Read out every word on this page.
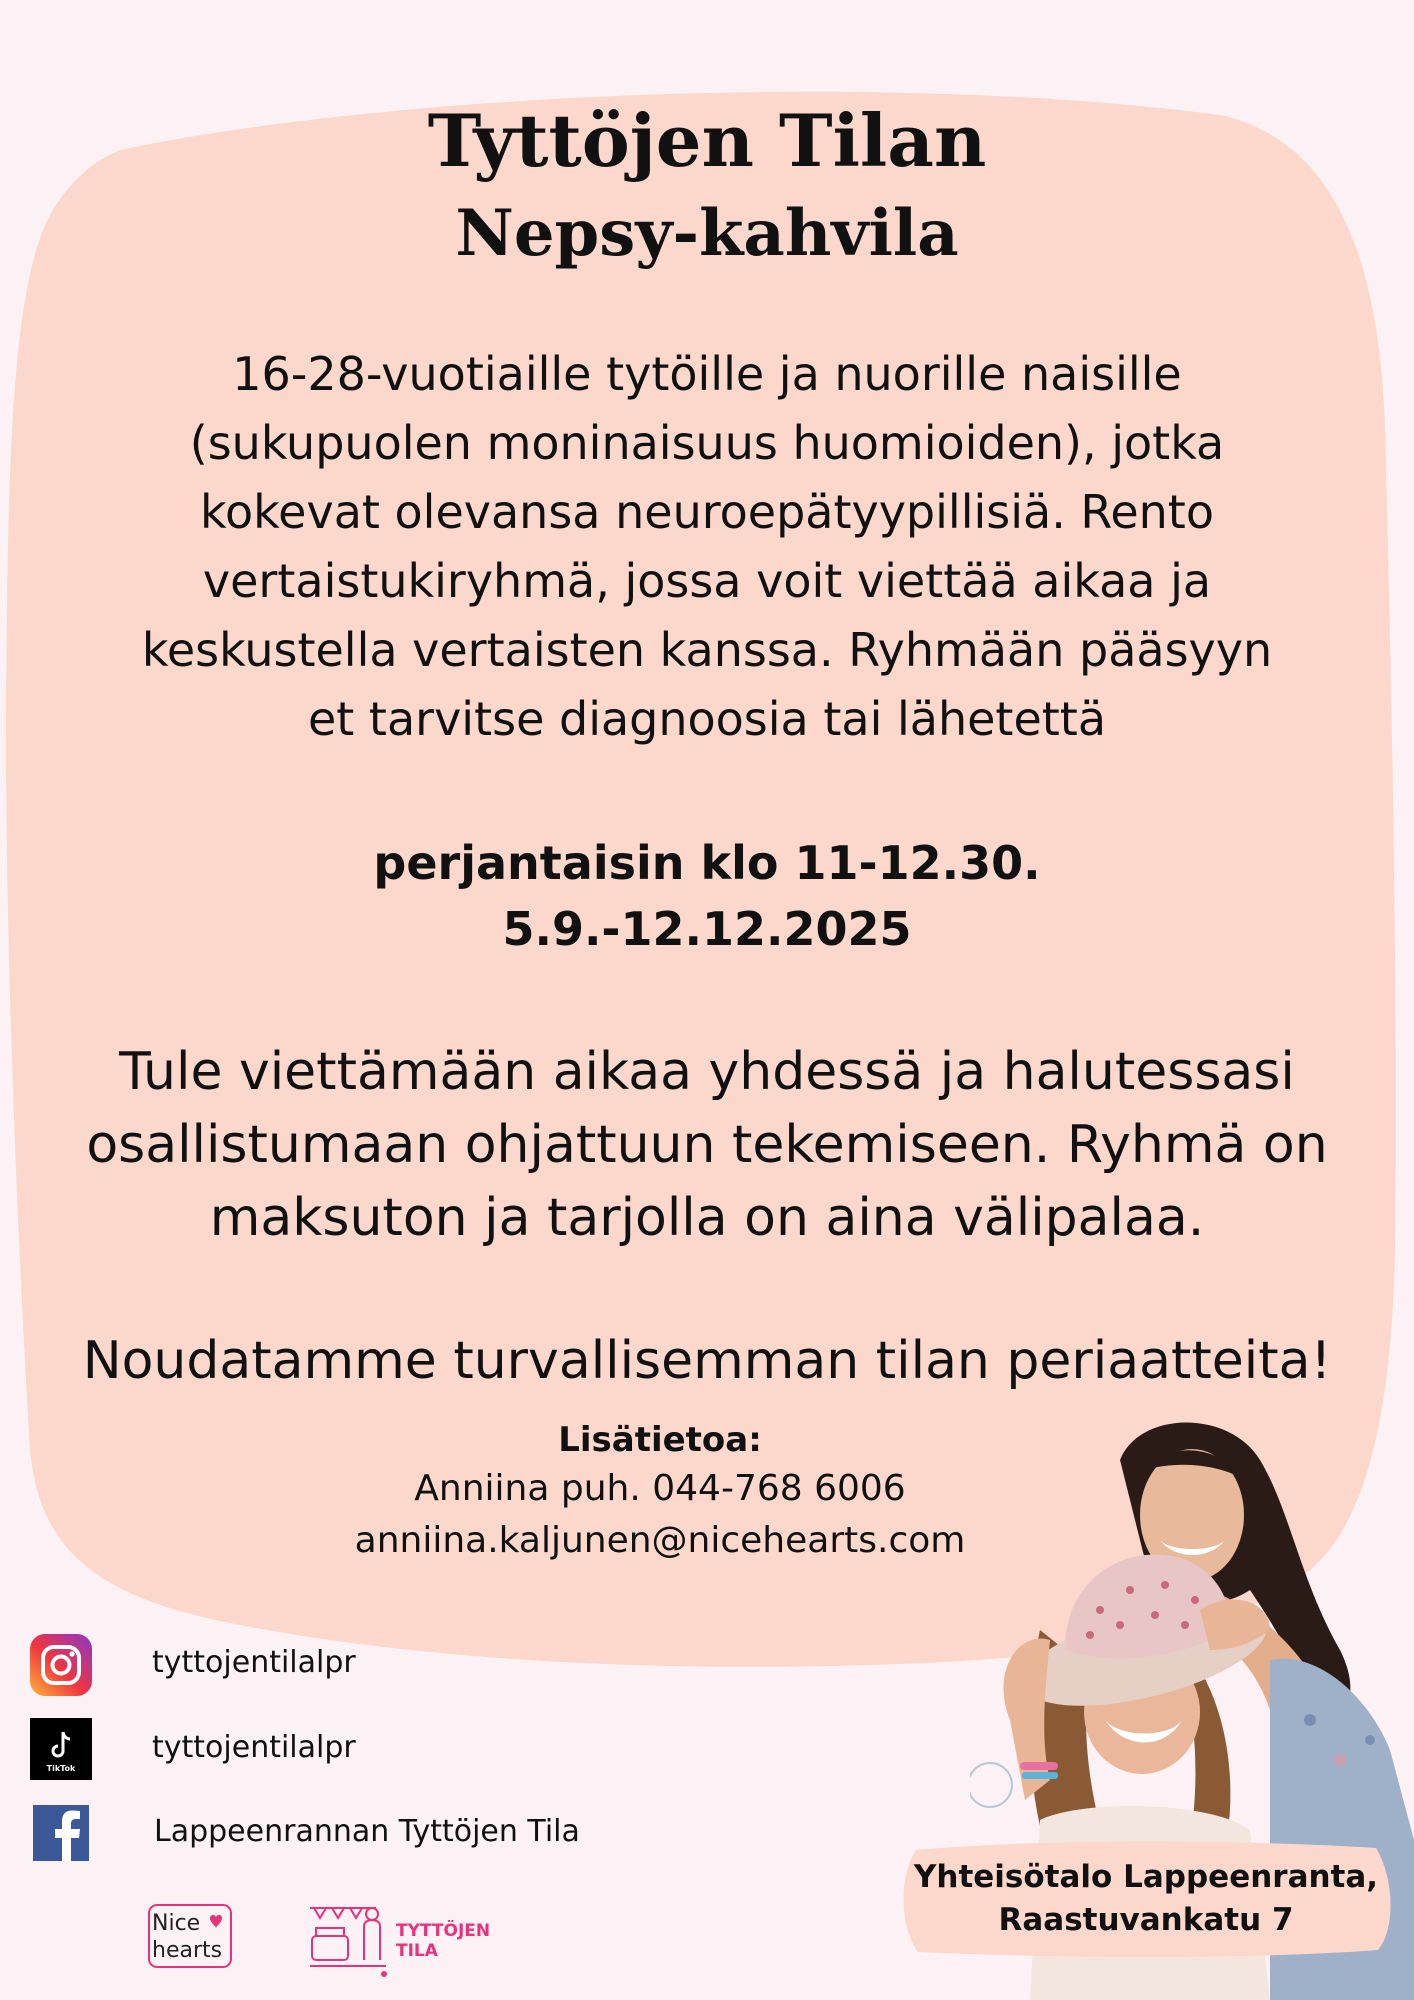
Tyttöjen Tilan
Nepsy-kahvila
16-28-vuotiaille tytöille ja nuorille naisille
(sukupuolen moninaisuus huomioiden), jotka
kokevat olevansa neuroepätyypillisiä. Rento
vertaistukiryhmä, jossa voit viettää aikaa ja
keskustella vertaisten kanssa. Ryhmään pääsyyn
et tarvitse diagnoosia tai lähetettä
perjantaisin klo 11-12.30.
5.9.-12.12.2025
Tule viettämään aikaa yhdessä ja halutessasi
osallistumaan ohjattuun tekemiseen. Ryhmä on
maksuton ja tarjolla on aina välipalaa.
Noudatamme turvallisemman tilan periaatteita!
Lisätietoa:
Anniina puh. 044-768 6006
anniina.kaljunen@nicehearts.com
tyttojentilalpr
TikTok
tyttojentilalpr
Lappeenrannan Tyttöjen Tila
Yhteisötalo Lappeenranta,
Raastuvankatu 7
Nice
hearts
TYTTÖJEN
TILA
